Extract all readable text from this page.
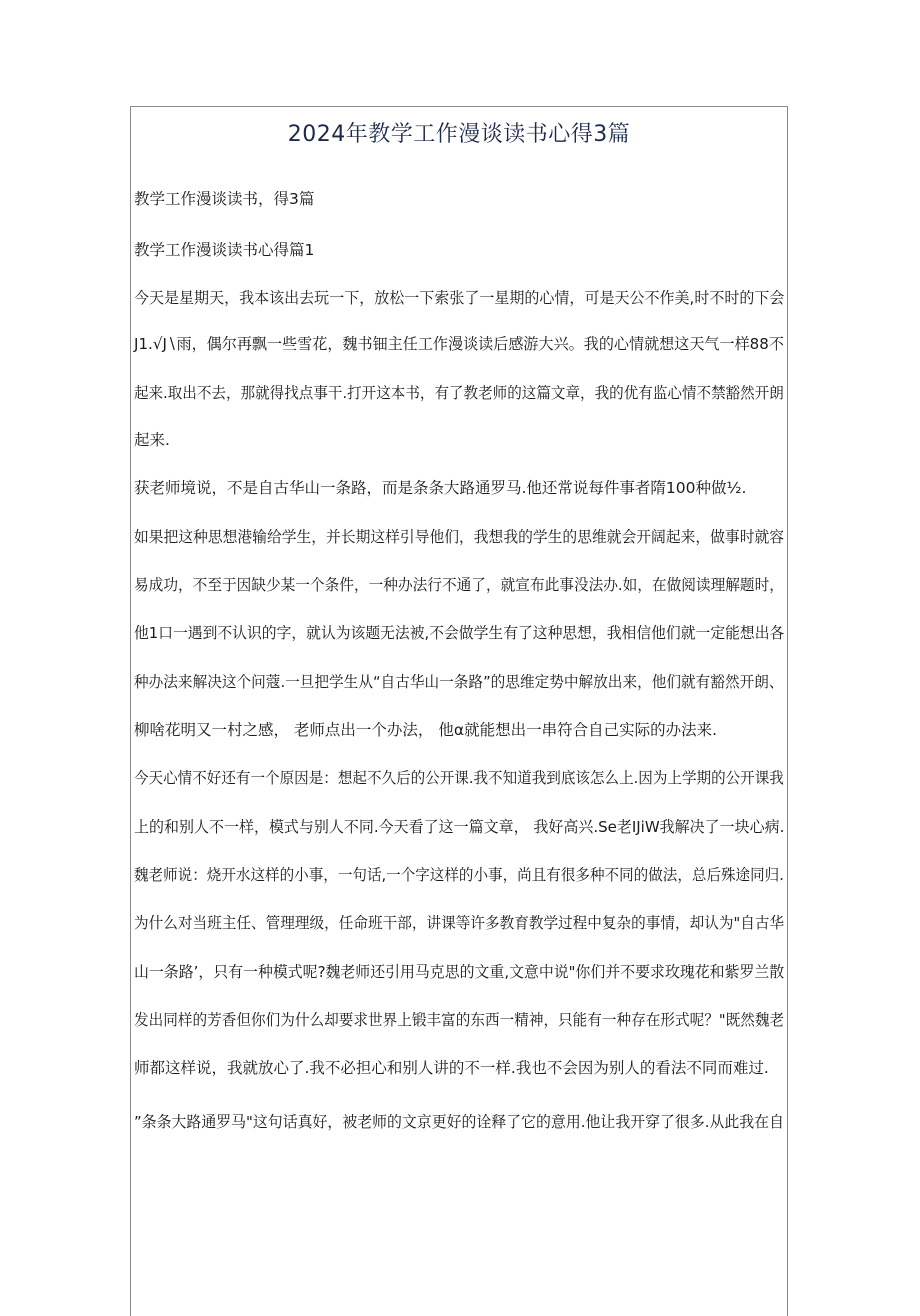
2024年教学工作漫谈读书心得3篇
教学工作漫谈读书，得3篇
教学工作漫谈读书心得篇1
今天是星期天，我本该出去玩一下，放松一下索张了一星期的心情，可是天公不作美,时不时的下会
J1.√J∖雨，偶尔再飘一些雪花，魏书钿主任工作漫谈读后感游大兴。我的心情就想这天气一样88不
起来.取出不去，那就得找点事干.打开这本书，有了教老师的这篇文章，我的优有监心情不禁豁然开朗
起来.
获老师境说，不是自古华山一条路，而是条条大路通罗马.他还常说每件事者隋100种做½.
如果把这种思想港输给学生，并长期这样引导他们，我想我的学生的思维就会开阔起来，做事时就容
易成功，不至于因缺少某一个条件，一种办法行不通了，就宣布此事没法办.如，在做阅读理解题时，
他1口一遇到不认识的字，就认为该题无法被,不会做学生有了这种思想，我相信他们就一定能想出各
种办法来解决这个问蔻.一旦把学生从“自古华山一条路”的思维定势中解放出来，他们就有豁然开朗、
柳啥花明又一村之感， 老师点出一个办法， 他α就能想出一串符合自己实际的办法来.
今天心情不好还有一个原因是：想起不久后的公开课.我不知道我到底该怎么上.因为上学期的公开课我
上的和别人不一样，模式与别人不同.今天看了这一篇文章， 我好高兴.Se老IJiW我解决了一块心病.
魏老师说：烧开水这样的小事，一句话,一个字这样的小事，尚且有很多种不同的做法，总后殊途同归.
为什么对当班主任、管理理级，任命班干部，讲课等许多教育教学过程中复杂的事情，却认为"自古华
山一条路’，只有一种模式呢?魏老师还引用马克思的文重,文意中说"你们并不要求玫瑰花和紫罗兰散
发出同样的芳香但你们为什么却要求世界上锻丰富的东西一精神，只能有一种存在形式呢？"既然魏老
师都这样说，我就放心了.我不必担心和别人讲的不一样.我也不会因为别人的看法不同而难过.
”条条大路通罗马"这句话真好，被老师的文京更好的诠释了它的意用.他让我开穿了很多.从此我在自
